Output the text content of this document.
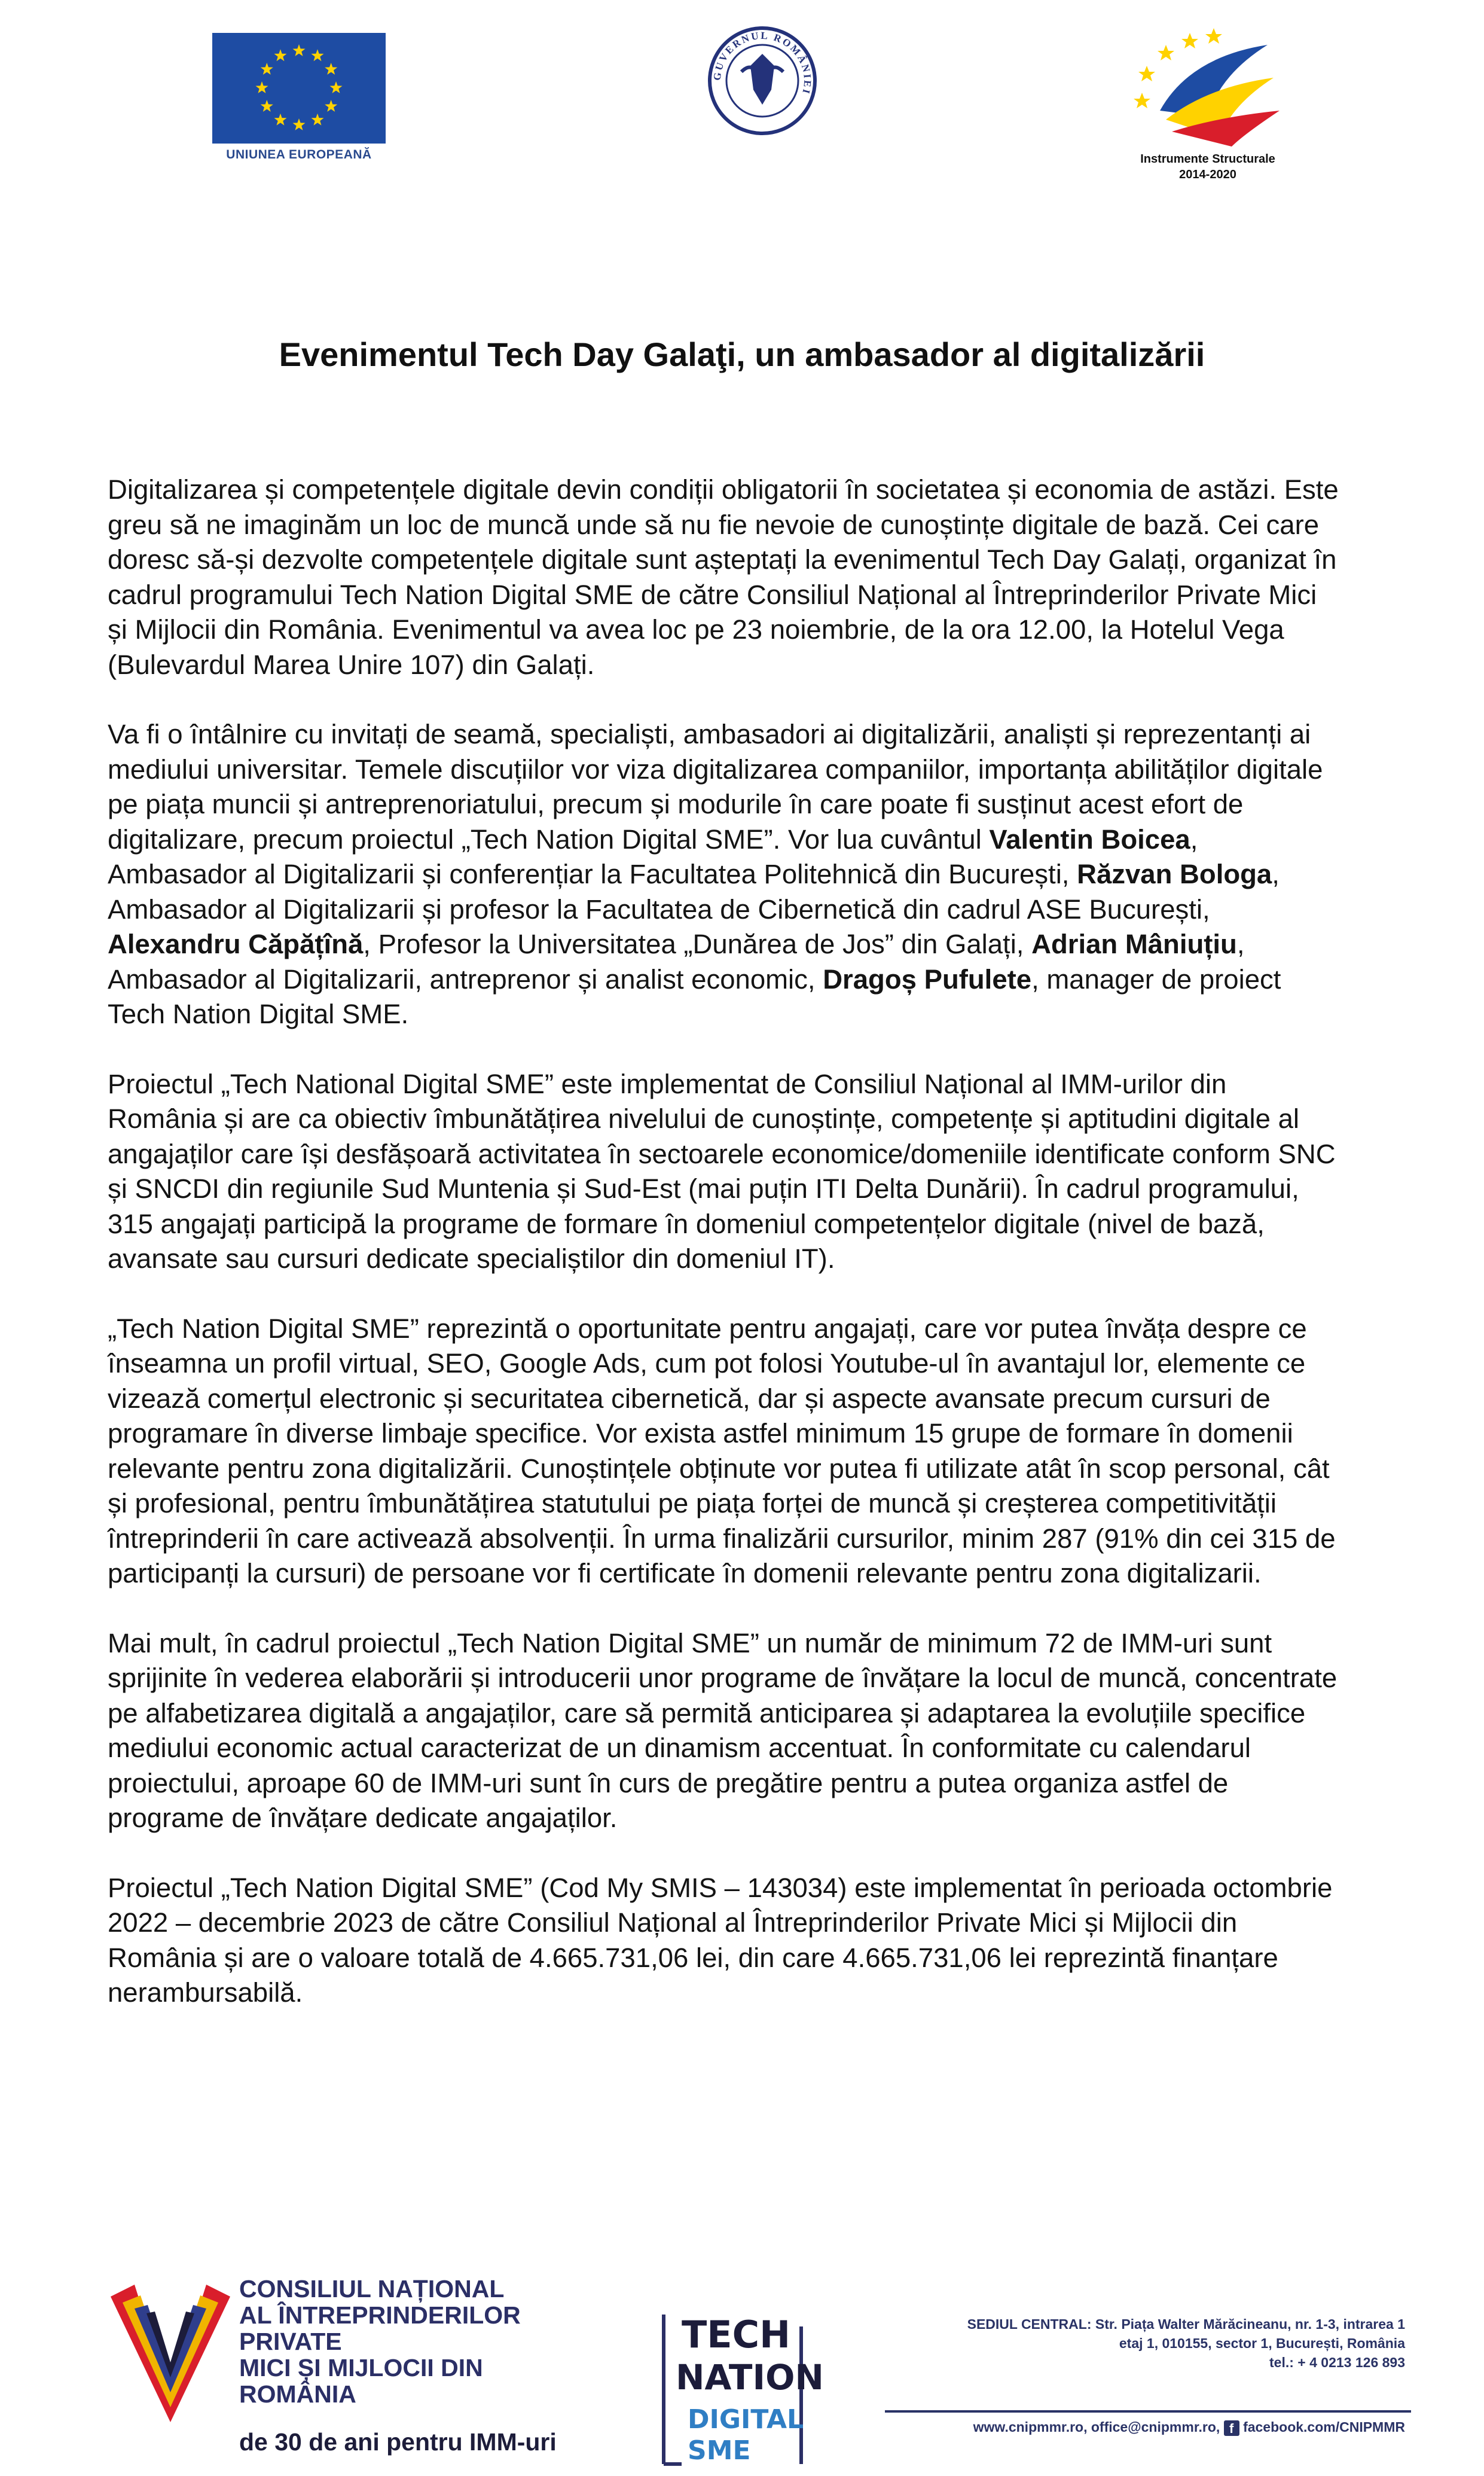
UNIUNEA EUROPEANĂ
GUVERNUL ROMÂNIEI
Instrumente Structurale
2014-2020
Evenimentul Tech Day Galaţi, un ambasador al digitalizării

Digitalizarea și competențele digitale devin condiții obligatorii în societatea și economia de astăzi. Este greu să ne imaginăm un loc de muncă unde să nu fie nevoie de cunoștințe digitale de bază. Cei care doresc să-și dezvolte competențele digitale sunt așteptați la evenimentul Tech Day Galați, organizat în cadrul programului Tech Nation Digital SME de către Consiliul Național al Întreprinderilor Private Mici și Mijlocii din România. Evenimentul va avea loc pe 23 noiembrie, de la ora 12.00, la Hotelul Vega (Bulevardul Marea Unire 107) din Galați.

Va fi o întâlnire cu invitați de seamă, specialiști, ambasadori ai digitalizării, analiști și reprezentanți ai mediului universitar. Temele discuțiilor vor viza digitalizarea companiilor, importanța abilităților digitale pe piața muncii și antreprenoriatului, precum și modurile în care poate fi susținut acest efort de digitalizare, precum proiectul „Tech Nation Digital SME”. Vor lua cuvântul Valentin Boicea, Ambasador al Digitalizarii și conferențiar la Facultatea Politehnică din București, Răzvan Bologa, Ambasador al Digitalizarii și profesor la Facultatea de Cibernetică din cadrul ASE București, Alexandru Căpățînă, Profesor la Universitatea „Dunărea de Jos” din Galați, Adrian Mâniuțiu, Ambasador al Digitalizarii, antreprenor și analist economic, Dragoș Pufulete, manager de proiect Tech Nation Digital SME.

Proiectul „Tech National Digital SME” este implementat de Consiliul Național al IMM-urilor din România și are ca obiectiv îmbunătățirea nivelului de cunoștințe, competențe și aptitudini digitale al angajaților care își desfășoară activitatea în sectoarele economice/domeniile identificate conform SNC și SNCDI din regiunile Sud Muntenia și Sud-Est (mai puțin ITI Delta Dunării). În cadrul programului, 315 angajați participă la programe de formare în domeniul competențelor digitale (nivel de bază, avansate sau cursuri dedicate specialiștilor din domeniul IT).

„Tech Nation Digital SME” reprezintă o oportunitate pentru angajați, care vor putea învăța despre ce înseamna un profil virtual, SEO, Google Ads, cum pot folosi Youtube-ul în avantajul lor, elemente ce vizează comerțul electronic și securitatea cibernetică, dar și aspecte avansate precum cursuri de programare în diverse limbaje specifice. Vor exista astfel minimum 15 grupe de formare în domenii relevante pentru zona digitalizării. Cunoștințele obținute vor putea fi utilizate atât în scop personal, cât și profesional, pentru îmbunătățirea statutului pe piața forței de muncă și creșterea competitivității întreprinderii în care activează absolvenții. În urma finalizării cursurilor, minim 287 (91% din cei 315 de participanți la cursuri) de persoane vor fi certificate în domenii relevante pentru zona digitalizarii.

Mai mult, în cadrul proiectul „Tech Nation Digital SME” un număr de minimum 72 de IMM-uri sunt sprijinite în vederea elaborării și introducerii unor programe de învățare la locul de muncă, concentrate pe alfabetizarea digitală a angajaților, care să permită anticiparea și adaptarea la evoluțiile specifice mediului economic actual caracterizat de un dinamism accentuat. În conformitate cu calendarul proiectului, aproape 60 de IMM-uri sunt în curs de pregătire pentru a putea organiza astfel de programe de învățare dedicate angajaților.

Proiectul „Tech Nation Digital SME” (Cod My SMIS – 143034) este implementat în perioada octombrie 2022 – decembrie 2023 de către Consiliul Național al Întreprinderilor Private Mici și Mijlocii din România și are o valoare totală de 4.665.731,06 lei, din care 4.665.731,06 lei reprezintă finanțare nerambursabilă.

CONSILIUL NAȚIONAL
AL ÎNTREPRINDERILOR PRIVATE
MICI ȘI MIJLOCII DIN ROMÂNIA
de 30 de ani pentru IMM-uri
TECH
NATION
DIGITAL
SME
SEDIUL CENTRAL: Str. Piața Walter Mărăcineanu, nr. 1-3, intrarea 1
etaj 1, 010155, sector 1, București, România
tel.: + 4 0213 126 893
www.cnipmmr.ro, office@cnipmmr.ro, f facebook.com/CNIPMMR
